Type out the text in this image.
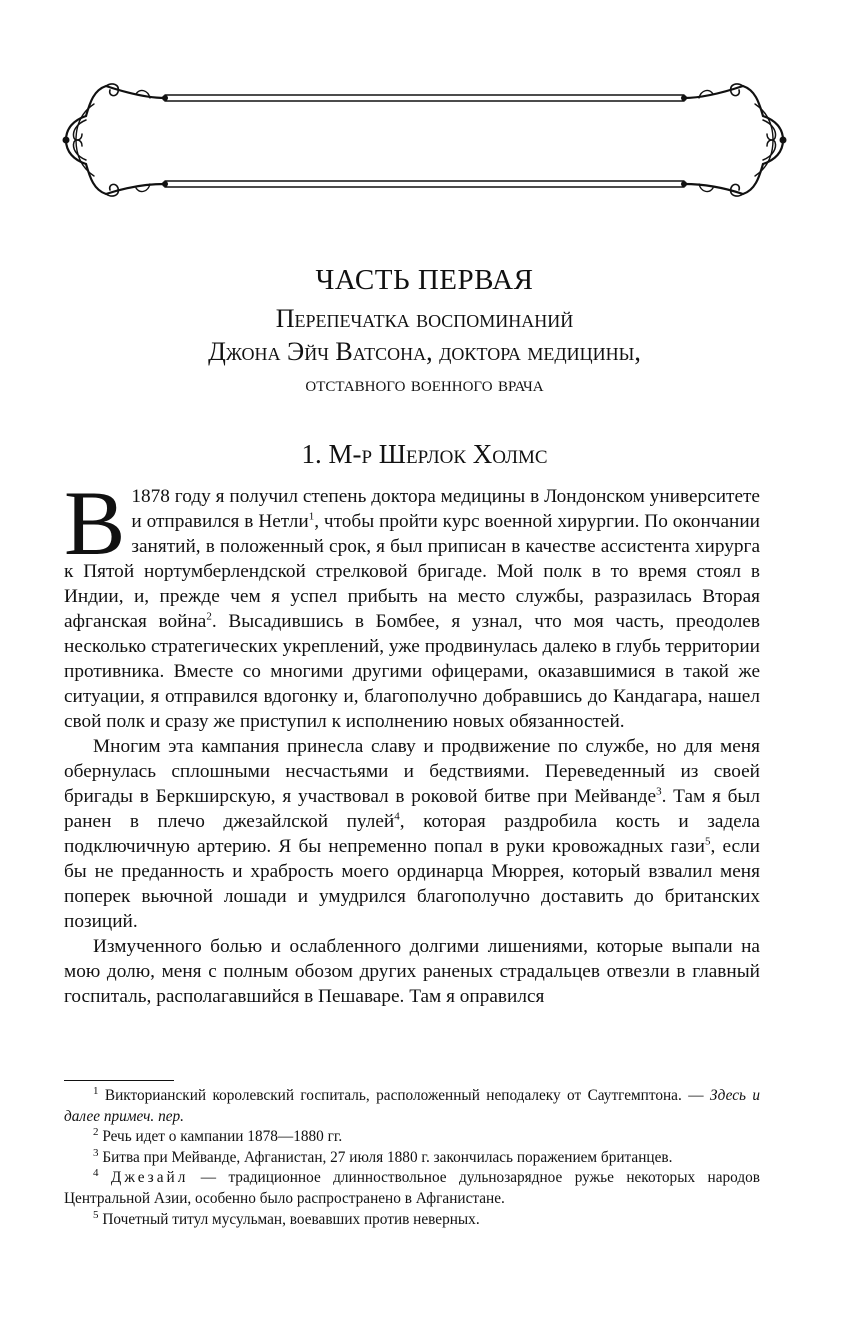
ЧАСТЬ ПЕРВАЯ
Перепечатка воспоминаний
Джона Эйч Ватсона, доктора медицины,
отставного военного врача
1. М-р Шерлок Холмс

В 1878 году я получил степень доктора медицины в Лондонском университете и отправился в Нетли$^1$, чтобы пройти курс военной хирургии. По окончании занятий, в положенный срок, я был приписан в качестве ассистента хирурга к Пятой нортумберлендской стрелковой бригаде. Мой полк в то время стоял в Индии, и, прежде чем я успел прибыть на место службы, разразилась Вторая афганская война$^2$. Высадившись в Бомбее, я узнал, что моя часть, преодолев несколько стратегических укреплений, уже продвинулась далеко в глубь территории противника. Вместе со многими другими офицерами, оказавшимися в такой же ситуации, я отправился вдогонку и, благополучно добравшись до Кандагара, нашел свой полк и сразу же приступил к исполнению новых обязанностей.

Многим эта кампания принесла славу и продвижение по службе, но для меня обернулась сплошными несчастьями и бедствиями. Переведенный из своей бригады в Беркширскую, я участвовал в роковой битве при Мейванде$^3$. Там я был ранен в плечо джезайлской пулей$^4$, которая раздробила кость и задела подключичную артерию. Я бы непременно попал в руки кровожадных гази$^5$, если бы не преданность и храбрость моего ординарца Мюррея, который взвалил меня поперек вьючной лошади и умудрился благополучно доставить до британских позиций.

Измученного болью и ослабленного долгими лишениями, которые выпали на мою долю, меня с полным обозом других раненых страдальцев отвезли в главный госпиталь, располагавшийся в Пешаваре. Там я оправился

$^1$ Викторианский королевский госпиталь, расположенный неподалеку от Саутгемптона. — Здесь и далее примеч. пер.

$^2$ Речь идет о кампании 1878—1880 гг.

$^3$ Битва при Мейванде, Афганистан, 27 июля 1880 г. закончилась поражением британцев.

$^4$ Джезайл — традиционное длинноствольное дульнозарядное ружье некоторых народов Центральной Азии, особенно было распространено в Афганистане.

$^5$ Почетный титул мусульман, воевавших против неверных.
